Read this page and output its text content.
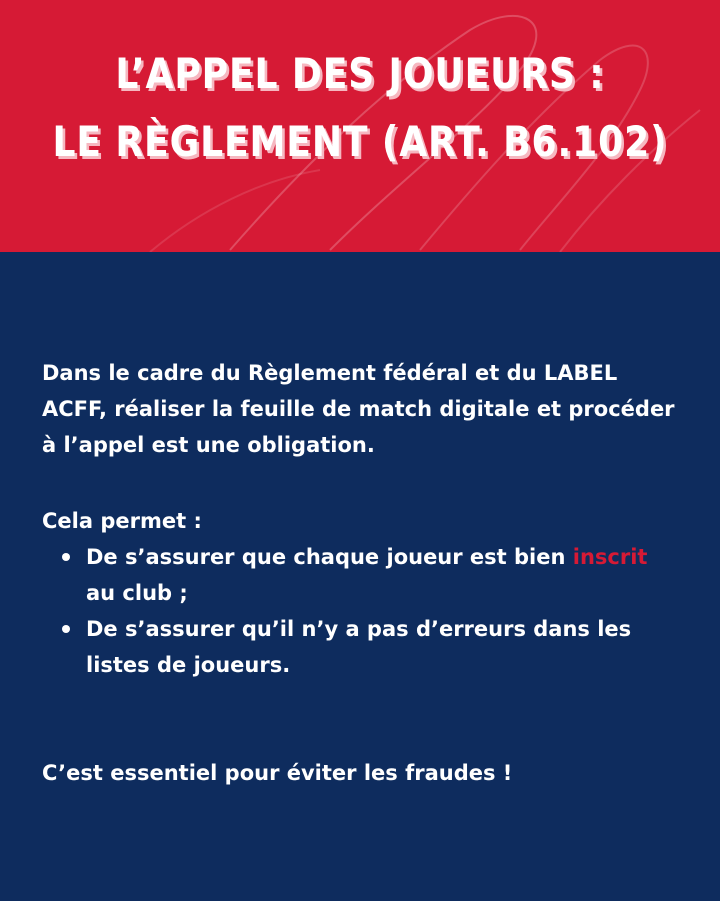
L’APPEL DES JOUEURS :
LE RÈGLEMENT (ART. B6.102)

Dans le cadre du Règlement fédéral et du LABEL ACFF, réaliser la feuille de match digitale et procéder à l’appel est une obligation.

Cela permet :

De s’assurer que chaque joueur est bien inscrit au club ;
De s’assurer qu’il n’y a pas d’erreurs dans les listes de joueurs.

C’est essentiel pour éviter les fraudes !
